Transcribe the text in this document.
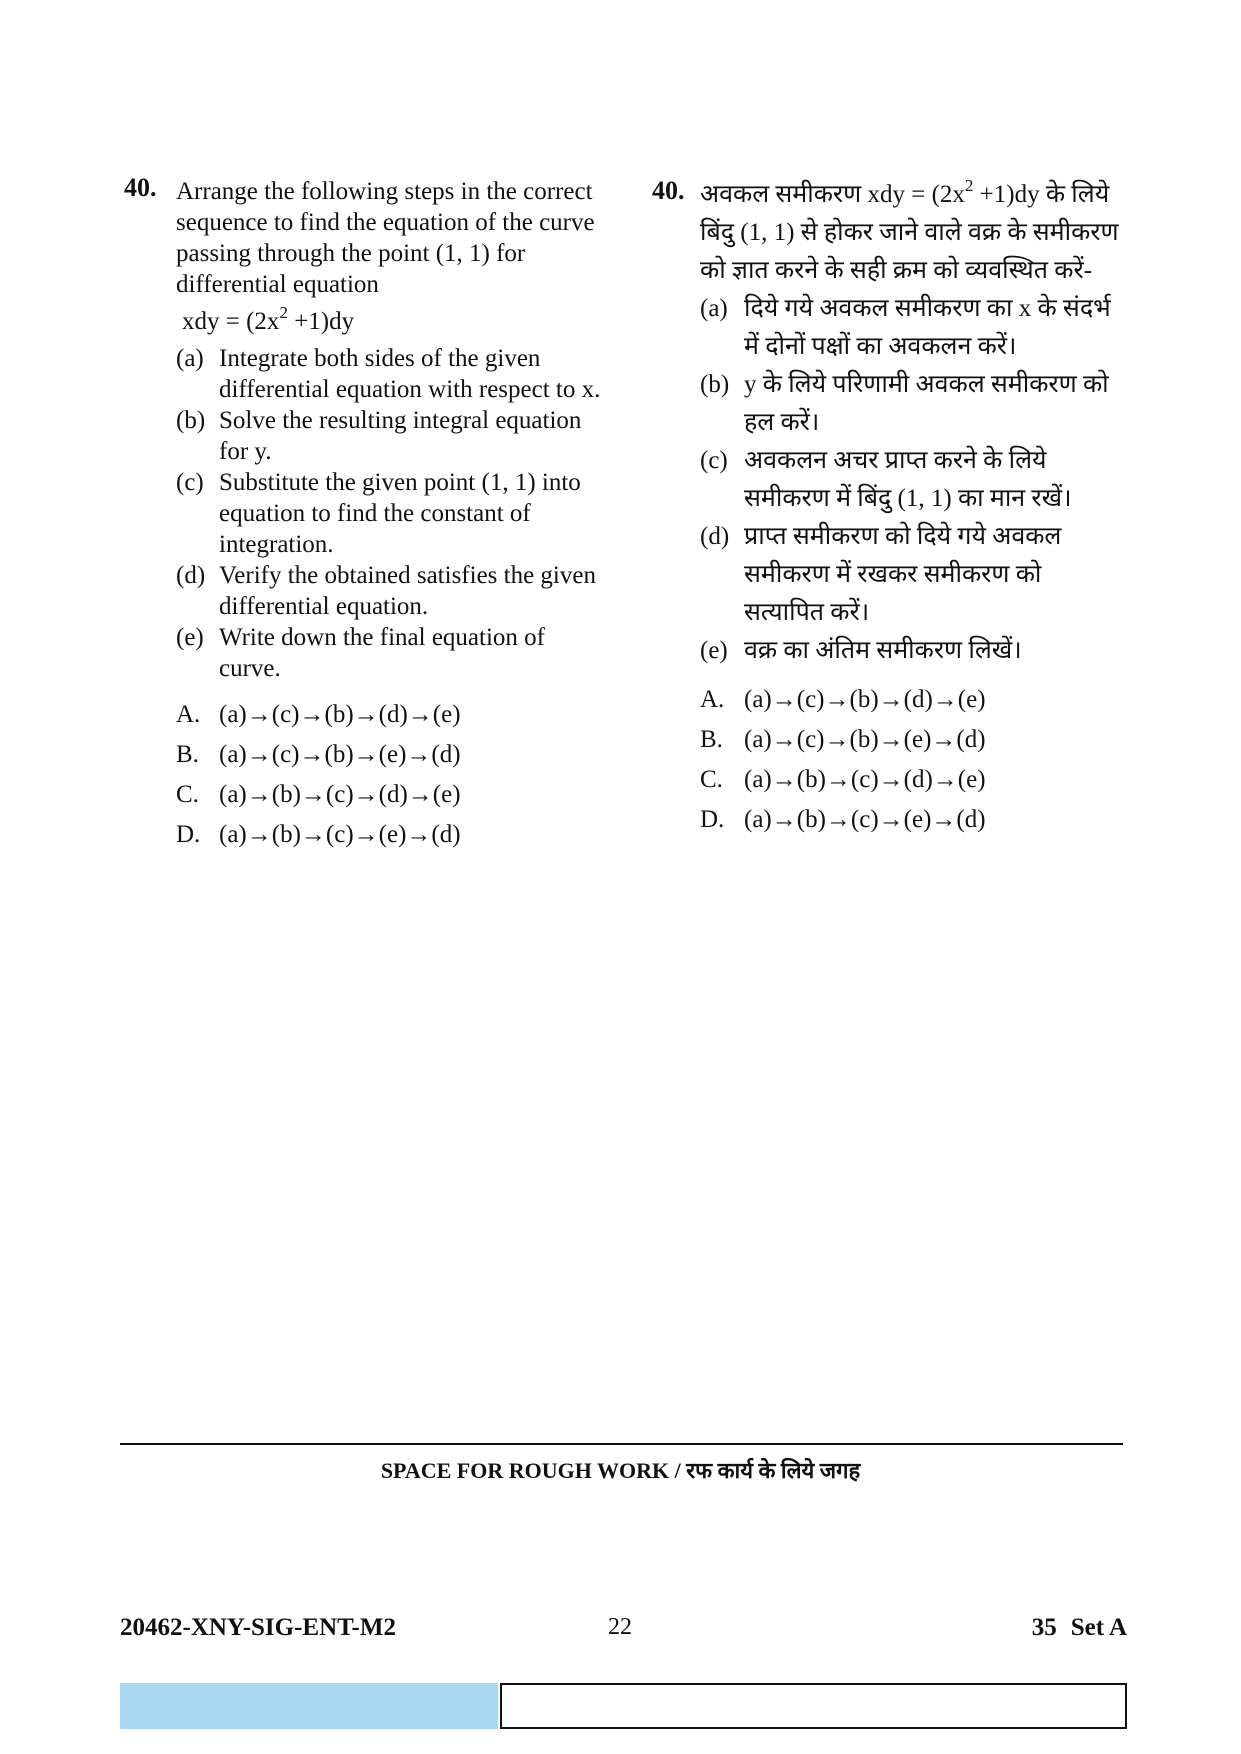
40. Arrange the following steps in the correct sequence to find the equation of the curve passing through the point (1, 1) for differential equation

xdy = $(2x^2 +1)dy$
(a) Integrate both sides of the given differential equation with respect to x.
(b) Solve the resulting integral equation for y.
(c) Substitute the given point (1, 1) into equation to find the constant of integration.
(d) Verify the obtained satisfies the given differential equation.
(e) Write down the final equation of curve.
A. (a)→(c)→(b)→(d)→(e)
B. (a)→(c)→(b)→(e)→(d)
C. (a)→(b)→(c)→(d)→(e)
D. (a)→(b)→(c)→(e)→(d)
40. अवकल समीकरण xdy = $(2x^2 +1)dy$ के लिये बिंदु (1, 1) से होकर जाने वाले वक्र के समीकरण को ज्ञात करने के सही क्रम को व्यवस्थित करें-

(a) दिये गये अवकल समीकरण का x के संदर्भ में दोनों पक्षों का अवकलन करें।
(b) y के लिये परिणामी अवकल समीकरण को हल करें।
(c) अवकलन अचर प्राप्त करने के लिये समीकरण में बिंदु (1, 1) का मान रखें।
(d) प्राप्त समीकरण को दिये गये अवकल समीकरण में रखकर समीकरण को सत्यापित करें।
(e) वक्र का अंतिम समीकरण लिखें।
A. (a)→(c)→(b)→(d)→(e)
B. (a)→(c)→(b)→(e)→(d)
C. (a)→(b)→(c)→(d)→(e)
D. (a)→(b)→(c)→(e)→(d)
SPACE FOR ROUGH WORK / रफ कार्य के लिये जगह
20462-XNY-SIG-ENT-M2	22	35 Set A
